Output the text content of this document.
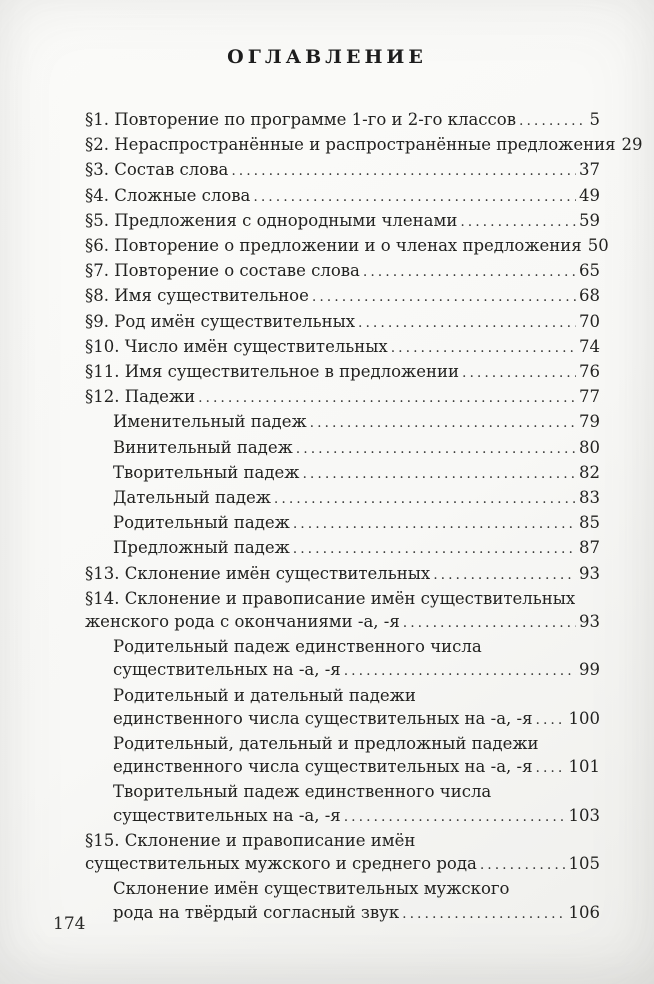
ОГЛАВЛЕНИЕ
§1. Повторение по программе 1-го и 2-го классов .....	5
§2. Нераспространённые и распространённые предложения 29
§3. Состав слова .....	37
§4. Сложные слова .....	49
§5. Предложения с однородными членами .....	59
§6. Повторение о предложении и о членах предложения 50
§7. Повторение о составе слова .....	65
§8. Имя существительное .....	68
§9. Род имён существительных .....	70
§10. Число имён существительных .....	74
§11. Имя существительное в предложении .....	76
§12. Падежи .....	77
Именительный падеж .....	79
Винительный падеж .....	80
Творительный падеж .....	82
Дательный падеж .....	83
Родительный падеж .....	85
Предложный падеж .....	87
§13. Склонение имён существительных .....	93
§14. Склонение и правописание имён существительных
женского рода с окончаниями -а, -я .....	93
Родительный падеж единственного числа
существительных на -а, -я .....	99
Родительный и дательный падежи
единственного числа существительных на -а, -я ..... 100
Родительный, дательный и предложный падежи
единственного числа существительных на -а, -я ..... 101
Творительный падеж единственного числа
существительных на -а, -я .....	103
§15. Склонение и правописание имён
существительных мужского и среднего рода .....	105
Склонение имён существительных мужского
рода на твёрдый согласный звук .....	106
174
